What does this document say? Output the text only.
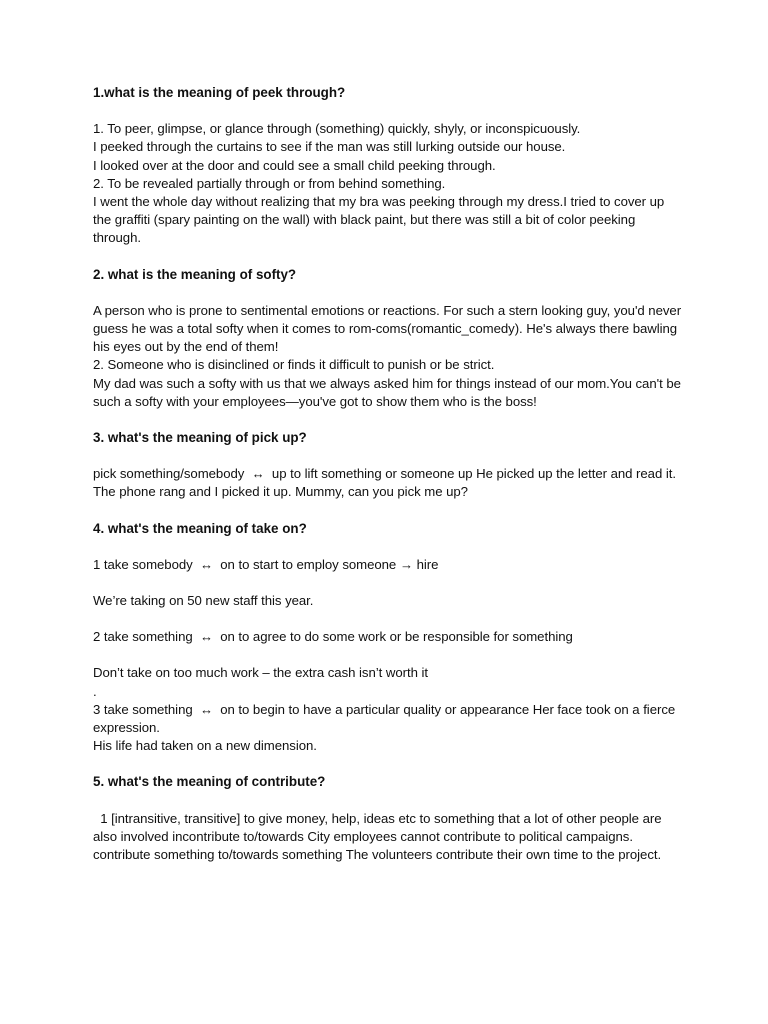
1.what is the meaning of peek through?

1. To peer, glimpse, or glance through (something) quickly, shyly, or inconspicuously.
I peeked through the curtains to see if the man was still lurking outside our house.
I looked over at the door and could see a small child peeking through.
2. To be revealed partially through or from behind something.
I went the whole day without realizing that my bra was peeking through my dress.I tried to cover up the graffiti (spary painting on the wall) with black paint, but there was still a bit of color peeking through.

2. what is the meaning of softy?

A person who is prone to sentimental emotions or reactions. For such a stern looking guy, you'd never guess he was a total softy when it comes to rom-coms(romantic_comedy). He's always there bawling his eyes out by the end of them!
2. Someone who is disinclined or finds it difficult to punish or be strict.
My dad was such a softy with us that we always asked him for things instead of our mom.You can't be such a softy with your employees—you've got to show them who is the boss!

3. what's the meaning of pick up?

pick something/somebody  ↔  up to lift something or someone up He picked up the letter and read it. The phone rang and I picked it up. Mummy, can you pick me up?

4. what's the meaning of take on?

1 take somebody  ↔  on to start to employ someone → hire

We’re taking on 50 new staff this year.

2 take something  ↔  on to agree to do some work or be responsible for something

Don’t take on too much work – the extra cash isn’t worth it
.
3 take something  ↔  on to begin to have a particular quality or appearance Her face took on a fierce expression.
His life had taken on a new dimension.

5. what's the meaning of contribute?

1 [intransitive, transitive] to give money, help, ideas etc to something that a lot of other people are also involved incontribute to/towards City employees cannot contribute to political campaigns.
contribute something to/towards something The volunteers contribute their own time to the project.
